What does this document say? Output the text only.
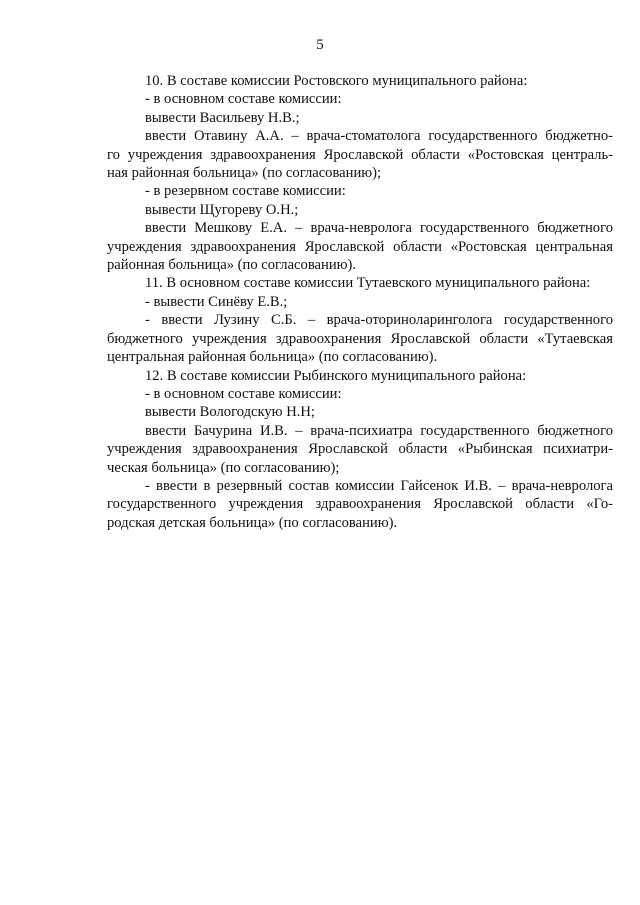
5
10. В составе комиссии Ростовского муниципального района:
- в основном составе комиссии:
вывести Васильеву Н.В.;
ввести Отавину А.А. – врача-стоматолога государственного бюджетно-
го учреждения здравоохранения Ярославской области «Ростовская централь-
ная районная больница» (по согласованию);
- в резервном составе комиссии:
вывести Щугореву О.Н.;
ввести Мешкову Е.А. – врача-невролога государственного бюджетного
учреждения здравоохранения Ярославской области «Ростовская центральная
районная больница» (по согласованию).
11. В основном составе комиссии Тутаевского муниципального района:
- вывести Синёву Е.В.;
- ввести Лузину С.Б. – врача-оториноларинголога государственного
бюджетного учреждения здравоохранения Ярославской области «Тутаевская
центральная районная больница» (по согласованию).
12. В составе комиссии Рыбинского муниципального района:
- в основном составе комиссии:
вывести Вологодскую Н.Н;
ввести Бачурина И.В. – врача-психиатра государственного бюджетного
учреждения здравоохранения Ярославской области «Рыбинская психиатри-
ческая больница» (по согласованию);
- ввести в резервный состав комиссии Гайсенок И.В. – врача-невролога
государственного учреждения здравоохранения Ярославской области «Го-
родская детская больница» (по согласованию).
